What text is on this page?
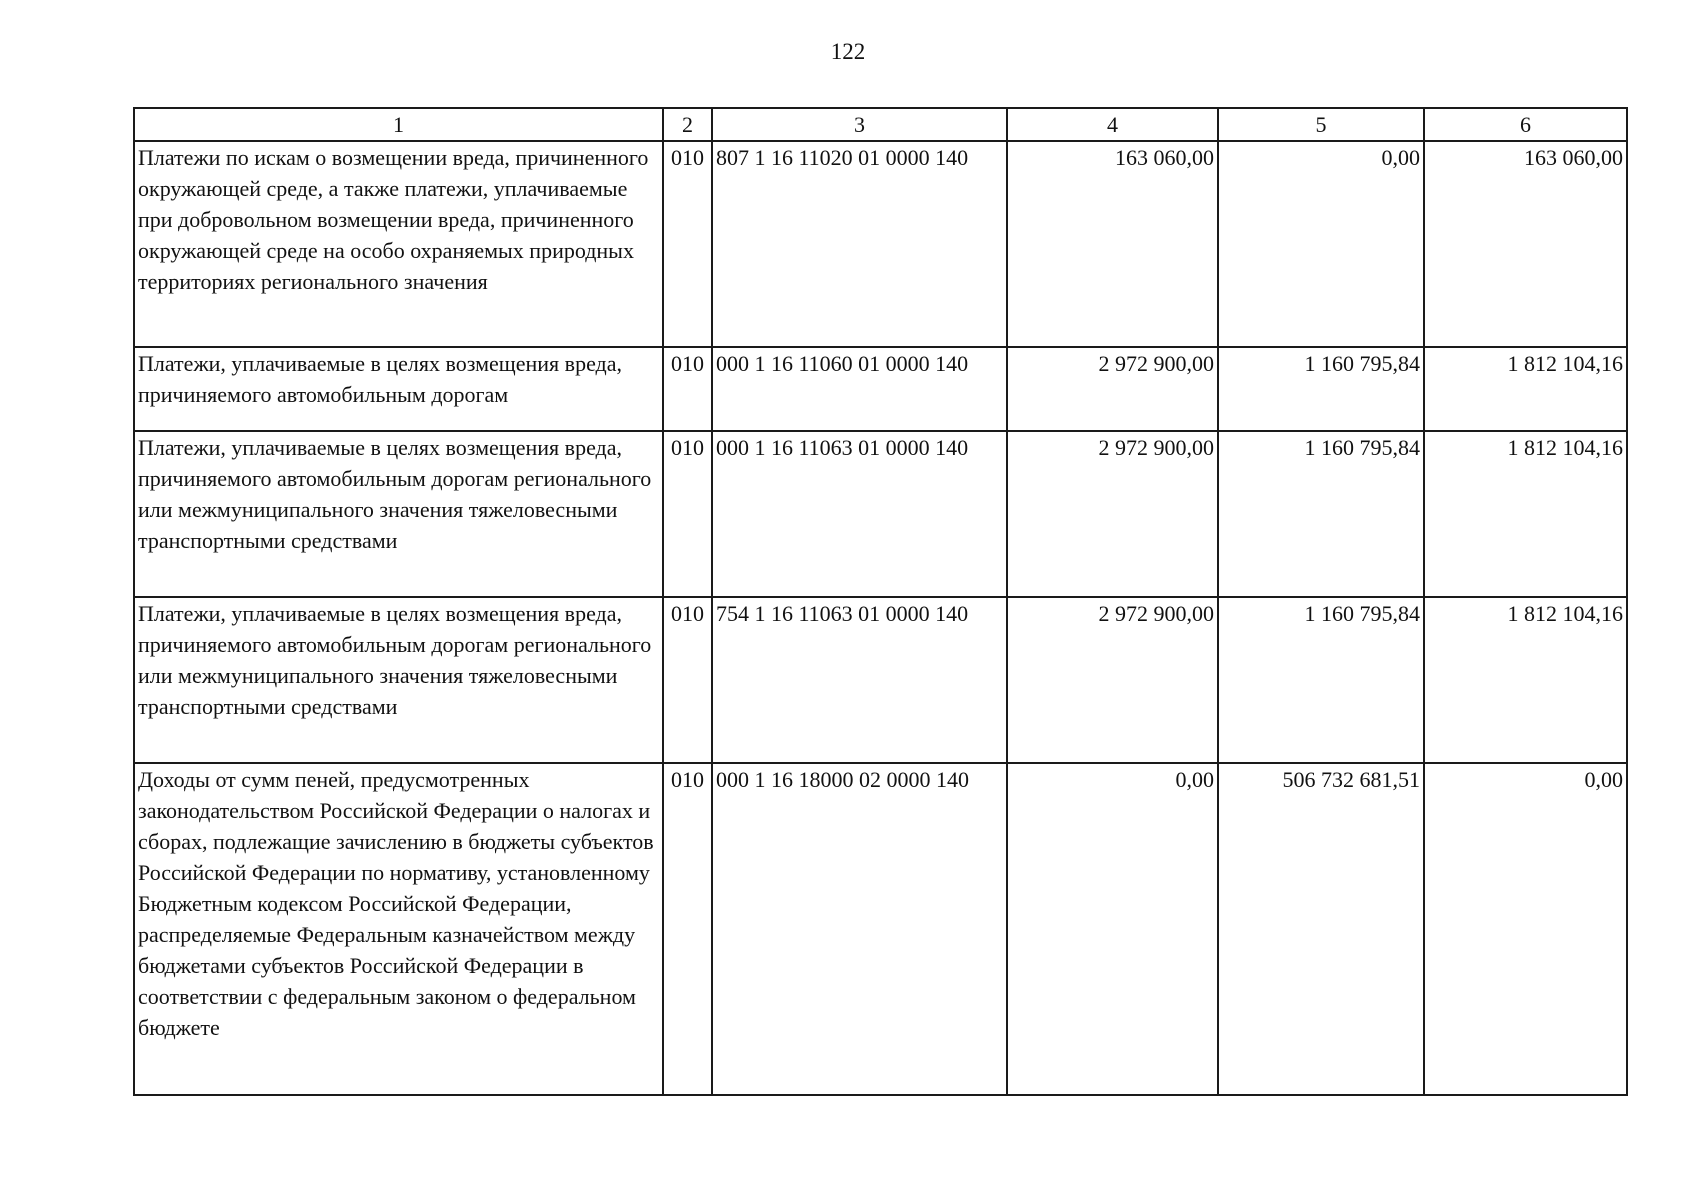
122
1	2	3	4	5	6
Платежи по искам о возмещении вреда, причиненного окружающей среде, а также платежи, уплачиваемые при добровольном возмещении вреда, причиненного окружающей среде на особо охраняемых природных территориях регионального значения	010	807 1 16 11020 01 0000 140	163 060,00	0,00	163 060,00
Платежи, уплачиваемые в целях возмещения вреда, причиняемого автомобильным дорогам	010	000 1 16 11060 01 0000 140	2 972 900,00	1 160 795,84	1 812 104,16
Платежи, уплачиваемые в целях возмещения вреда, причиняемого автомобильным дорогам регионального или межмуниципального значения тяжеловесными транспортными средствами	010	000 1 16 11063 01 0000 140	2 972 900,00	1 160 795,84	1 812 104,16
Платежи, уплачиваемые в целях возмещения вреда, причиняемого автомобильным дорогам регионального или межмуниципального значения тяжеловесными транспортными средствами	010	754 1 16 11063 01 0000 140	2 972 900,00	1 160 795,84	1 812 104,16
Доходы от сумм пеней, предусмотренных законодательством Российской Федерации о налогах и сборах, подлежащие зачислению в бюджеты субъектов Российской Федерации по нормативу, установленному Бюджетным кодексом Российской Федерации, распределяемые Федеральным казначейством между бюджетами субъектов Российской Федерации в соответствии с федеральным законом о федеральном бюджете	010	000 1 16 18000 02 0000 140	0,00	506 732 681,51	0,00
